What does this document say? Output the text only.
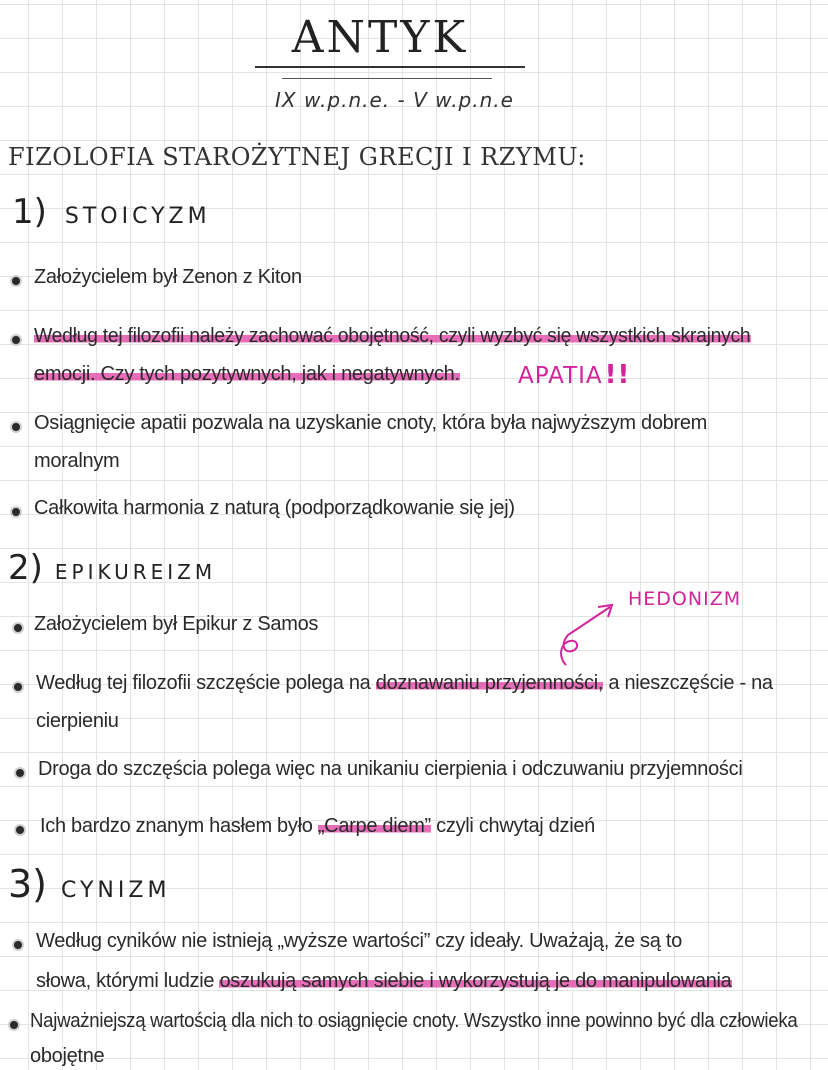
ANTYK
IX w.p.n.e. - V w.p.n.e
FIZOLOFIA STAROŻYTNEJ GRECJI I RZYMU:
1) STOICYZM
Założycielem był Zenon z Kiton
Według tej filozofii należy zachować obojętność, czyli wyzbyć się wszystkich skrajnych
emocji. Czy tych pozytywnych, jak i negatywnych.	APATIA!!
Osiągnięcie apatii pozwala na uzyskanie cnoty, która była najwyższym dobrem
moralnym
Całkowita harmonia z naturą (podporządkowanie się jej)
2) EPIKUREIZM
HEDONIZM
Założycielem był Epikur z Samos
Według tej filozofii szczęście polega na doznawaniu przyjemności, a nieszczęście - na
cierpieniu
Droga do szczęścia polega więc na unikaniu cierpienia i odczuwaniu przyjemności
Ich bardzo znanym hasłem było „Carpe diem” czyli chwytaj dzień
3) CYNIZM
Według cyników nie istnieją „wyższe wartości” czy ideały. Uważają, że są to
słowa, którymi ludzie oszukują samych siebie i wykorzystują je do manipulowania
Najważniejszą wartością dla nich to osiągnięcie cnoty. Wszystko inne powinno być dla człowieka
obojętne
